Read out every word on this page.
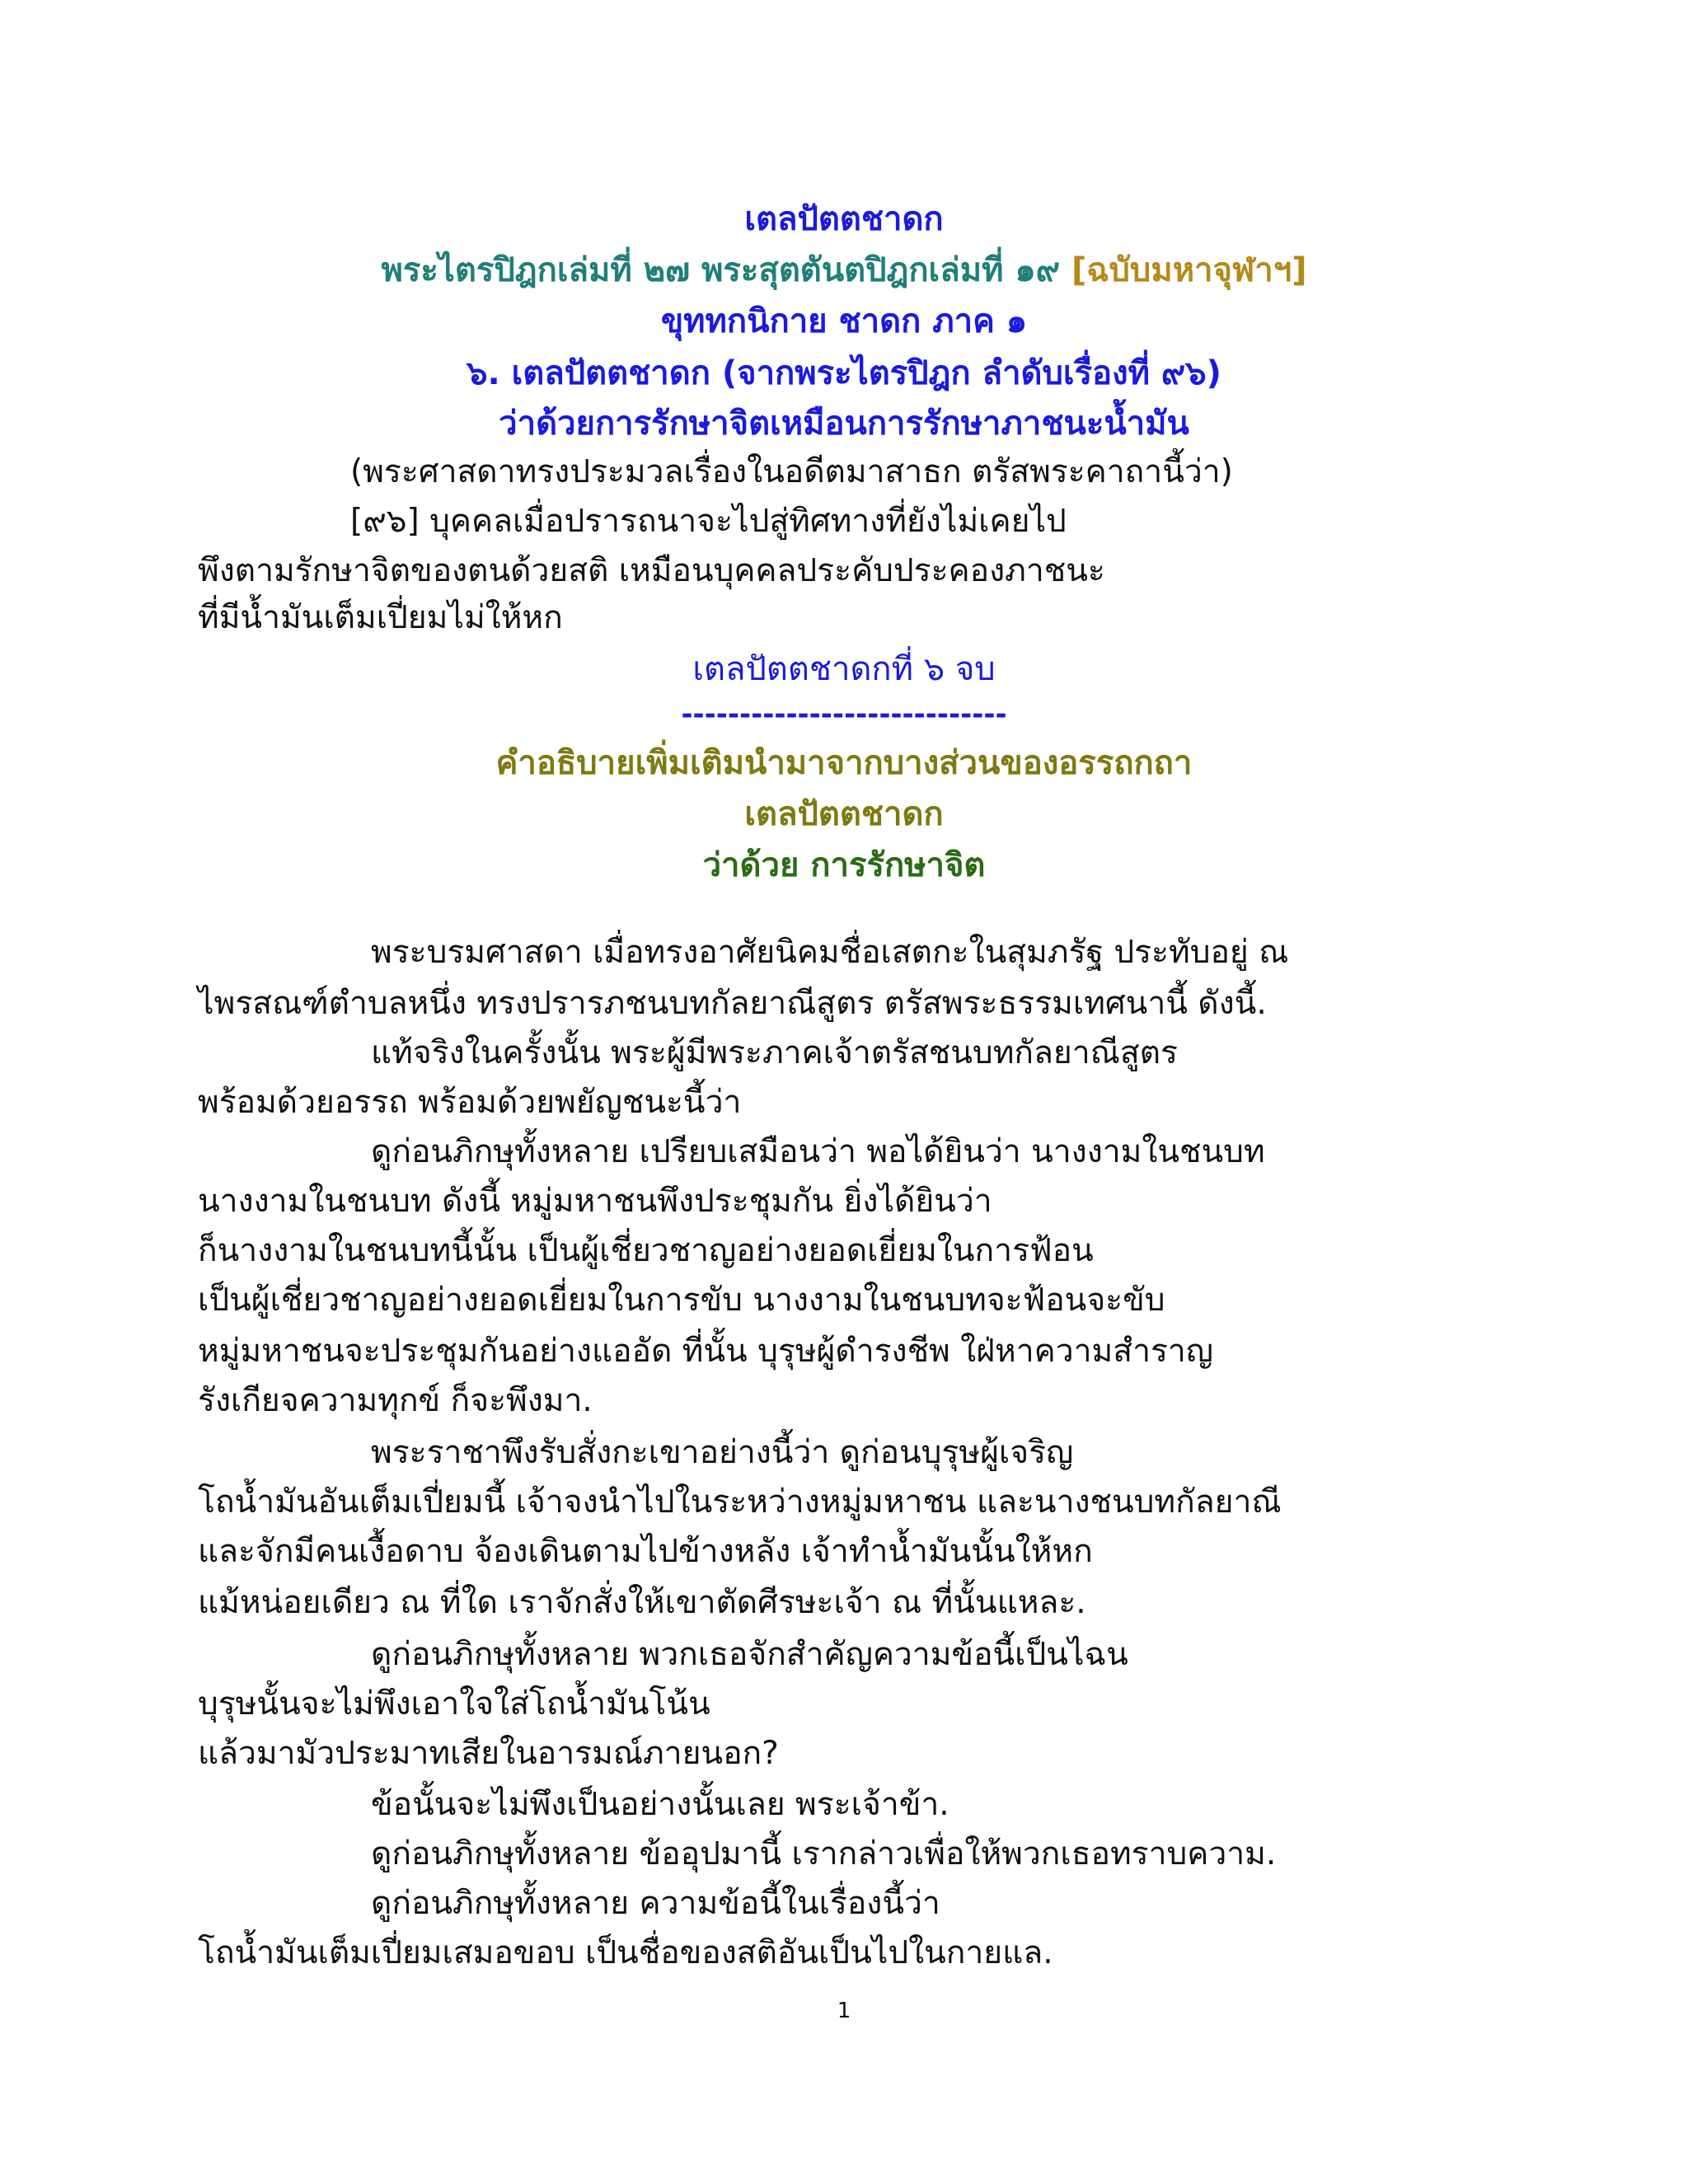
เตลปัตตชาดก
พระไตรปิฎกเล่มที่ ๒๗ พระสุตตันตปิฎกเล่มที่ ๑๙ [ฉบับมหาจุฬาฯ]
ขุททกนิกาย ชาดก ภาค ๑
๖. เตลปัตตชาดก (จากพระไตรปิฎก ลำดับเรื่องที่ ๙๖)
ว่าด้วยการรักษาจิตเหมือนการรักษาภาชนะน้ำมัน
(พระศาสดาทรงประมวลเรื่องในอดีตมาสาธก ตรัสพระคาถานี้ว่า)
[๙๖] บุคคลเมื่อปรารถนาจะไปสู่ทิศทางที่ยังไม่เคยไป
พึงตามรักษาจิตของตนด้วยสติ เหมือนบุคคลประคับประคองภาชนะ
ที่มีน้ำมันเต็มเปี่ยมไม่ให้หก
เตลปัตตชาดกที่ ๖ จบ
----------------------------
คำอธิบายเพิ่มเติมนำมาจากบางส่วนของอรรถกถา
เตลปัตตชาดก
ว่าด้วย การรักษาจิต
พระบรมศาสดา เมื่อทรงอาศัยนิคมชื่อเสตกะในสุมภรัฐ ประทับอยู่ ณ
ไพรสณฑ์ตำบลหนึ่ง ทรงปรารภชนบทกัลยาณีสูตร ตรัสพระธรรมเทศนานี้ ดังนี้.
แท้จริงในครั้งนั้น พระผู้มีพระภาคเจ้าตรัสชนบทกัลยาณีสูตร
พร้อมด้วยอรรถ พร้อมด้วยพยัญชนะนี้ว่า
ดูก่อนภิกษุทั้งหลาย เปรียบเสมือนว่า พอได้ยินว่า นางงามในชนบท
นางงามในชนบท ดังนี้ หมู่มหาชนพึงประชุมกัน ยิ่งได้ยินว่า
ก็นางงามในชนบทนี้นั้น เป็นผู้เชี่ยวชาญอย่างยอดเยี่ยมในการฟ้อน
เป็นผู้เชี่ยวชาญอย่างยอดเยี่ยมในการขับ นางงามในชนบทจะฟ้อนจะขับ
หมู่มหาชนจะประชุมกันอย่างแออัด ที่นั้น บุรุษผู้ดำรงชีพ ใฝ่หาความสำราญ
รังเกียจความทุกข์ ก็จะพึงมา.
พระราชาพึงรับสั่งกะเขาอย่างนี้ว่า ดูก่อนบุรุษผู้เจริญ
โถน้ำมันอันเต็มเปี่ยมนี้ เจ้าจงนำไปในระหว่างหมู่มหาชน และนางชนบทกัลยาณี
และจักมีคนเงื้อดาบ จ้องเดินตามไปข้างหลัง เจ้าทำน้ำมันนั้นให้หก
แม้หน่อยเดียว ณ ที่ใด เราจักสั่งให้เขาตัดศีรษะเจ้า ณ ที่นั้นแหละ.
ดูก่อนภิกษุทั้งหลาย พวกเธอจักสำคัญความข้อนี้เป็นไฉน
บุรุษนั้นจะไม่พึงเอาใจใส่โถน้ำมันโน้น
แล้วมามัวประมาทเสียในอารมณ์ภายนอก?
ข้อนั้นจะไม่พึงเป็นอย่างนั้นเลย พระเจ้าข้า.
ดูก่อนภิกษุทั้งหลาย ข้ออุปมานี้ เรากล่าวเพื่อให้พวกเธอทราบความ.
ดูก่อนภิกษุทั้งหลาย ความข้อนี้ในเรื่องนี้ว่า
โถน้ำมันเต็มเปี่ยมเสมอขอบ เป็นชื่อของสติอันเป็นไปในกายแล.
1
